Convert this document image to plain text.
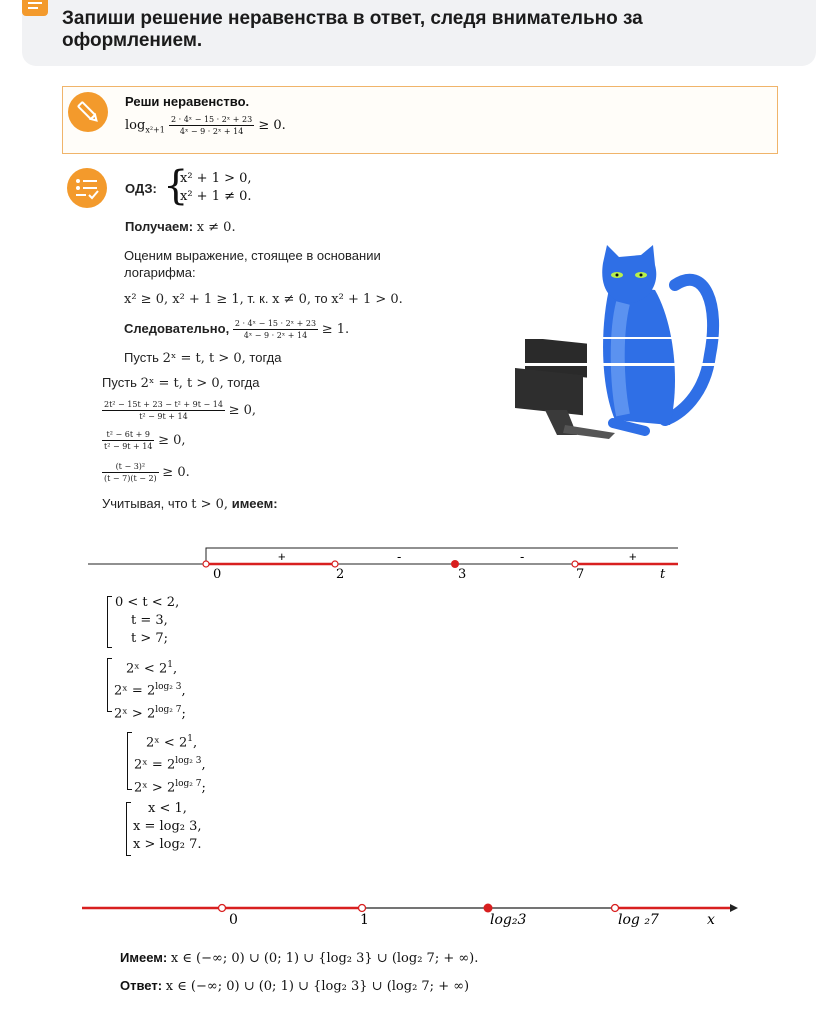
Запиши решение неравенства в ответ, следя внимательно за оформлением.
Реши неравенство.
$\log_{x^2+1} \frac{\text{2 · 4ˣ − 15 · 2ˣ + 23}}{\text{4ˣ − 9 · 2ˣ + 14}} \ge 0$.
ОДЗ: {
x² + 1 > 0,
x² + 1 ≠ 0.
Получаем: x ≠ 0.
Оценим выражение, стоящее в основании
логарифма:
x² ≥ 0, x² + 1 ≥ 1, т. к. x ≠ 0, то x² + 1 > 0.
Следовательно, $\frac{\text{2 · 4ˣ − 15 · 2ˣ + 23}}{\text{4ˣ − 9 · 2ˣ + 14}} \ge 1$.
Пусть 2ˣ = t, t > 0, тогда
Пусть 2ˣ = t, t > 0, тогда
$\frac{\text{2t² − 15t + 23 − t² + 9t − 14}}{\text{t² − 9t + 14}} \ge 0$,
$\frac{\text{t² − 6t + 9}}{\text{t² − 9t + 14}} \ge 0$,
$\frac{\text{(t − 3)²}}{(t - 7)(t - 2)} \ge 0$.
Учитывая, что t > 0, имеем:
+	-	-	+
0	2	3	7	t
0 < t < 2,
t = 3,
t > 7;
2ˣ < $2^1$,
2ˣ = $2^{log_2 3}$,
2ˣ > $2^{log_2 7}$;
2ˣ < $2^1$,
2ˣ = $2^{log_2 3}$,
2ˣ > $2^{log_2 7}$;
x < 1,
x = log₂ 3,
x > log₂ 7.
0	1	log₂3	log ₂7	x
Имеем: x ∈ (−∞; 0) ∪ (0; 1) ∪ {log₂ 3} ∪ (log₂ 7; + ∞).
Ответ: x ∈ (−∞; 0) ∪ (0; 1) ∪ {log₂ 3} ∪ (log₂ 7; + ∞)
